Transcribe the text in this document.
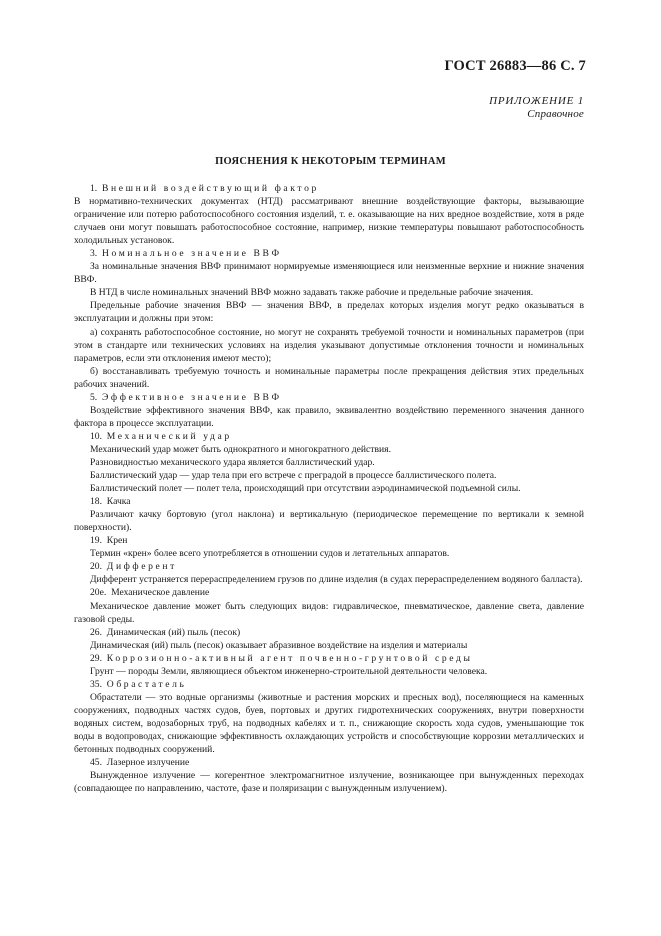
ГОСТ 26883—86 С. 7
ПРИЛОЖЕНИЕ 1
Справочное
ПОЯСНЕНИЯ К НЕКОТОРЫМ ТЕРМИНАМ

1.  Внешний воздействующий фактор

В нормативно-технических документах (НТД) рассматривают внешние воздействующие факторы, вызывающие ограничение или потерю работоспособного состояния изделий, т. е. оказывающие на них вредное воздействие, хотя в ряде случаев они могут повышать работоспособное состояние, например, низкие температуры повышают работоспособность холодильных установок.

3.  Номинальное значение ВВФ

За номинальные значения ВВФ принимают нормируемые изменяющиеся или неизменные верхние и нижние значения ВВФ.

В НТД в числе номинальных значений ВВФ можно задавать также рабочие и предельные рабочие значения.

Предельные рабочие значения ВВФ — значения ВВФ, в пределах которых изделия могут редко оказываться в эксплуатации и должны при этом:

а) сохранять работоспособное состояние, но могут не сохранять требуемой точности и номинальных параметров (при этом в стандарте или технических условиях на изделия указывают допустимые отклонения точности и номинальных параметров, если эти отклонения имеют место);

б) восстанавливать требуемую точность и номинальные параметры после прекращения действия этих предельных рабочих значений.

5.  Эффективное значение ВВФ

Воздействие эффективного значения ВВФ, как правило, эквивалентно воздействию переменного значения данного фактора в процессе эксплуатации.

10.  Механический удар

Механический удар может быть однократного и многократного действия.

Разновидностью механического удара является баллистический удар.

Баллистический удар — удар тела при его встрече с преградой в процессе баллистического полета.

Баллистический полет — полет тела, происходящий при отсутствии аэродинамической подъемной силы.

18.  Качка

Различают качку бортовую (угол наклона) и вертикальную (периодическое перемещение по вертикали к земной поверхности).

19.  Крен

Термин «крен» более всего употребляется в отношении судов и летательных аппаратов.

20.  Дифферент

Дифферент устраняется перераспределением грузов по длине изделия (в судах перераспределением водяного балласта).

20е.  Механическое давление

Механическое давление может быть следующих видов: гидравлическое, пневматическое, давление света, давление газовой среды.

26.  Динамическая (ий) пыль (песок)

Динамическая (ий) пыль (песок) оказывает абразивное воздействие на изделия и материалы

29.  Коррозионно-активный агент почвенно-грунтовой среды

Грунт — породы Земли, являющиеся объектом инженерно-строительной деятельности человека.

35.  Обрастатель

Обрастатели — это водные организмы (животные и растения морских и пресных вод), поселяющиеся на каменных сооружениях, подводных частях судов, буев, портовых и других гидротехнических сооружениях, внутри поверхности водяных систем, водозаборных труб, на подводных кабелях и т. п., снижающие скорость хода судов, уменьшающие ток воды в водопроводах, снижающие эффективность охлаждающих устройств и способствующие коррозии металлических и бетонных подводных сооружений.

45.  Лазерное излучение

Вынужденное излучение — когерентное электромагнитное излучение, возникающее при вынужденных переходах (совпадающее по направлению, частоте, фазе и поляризации с вынужденным излучением).
